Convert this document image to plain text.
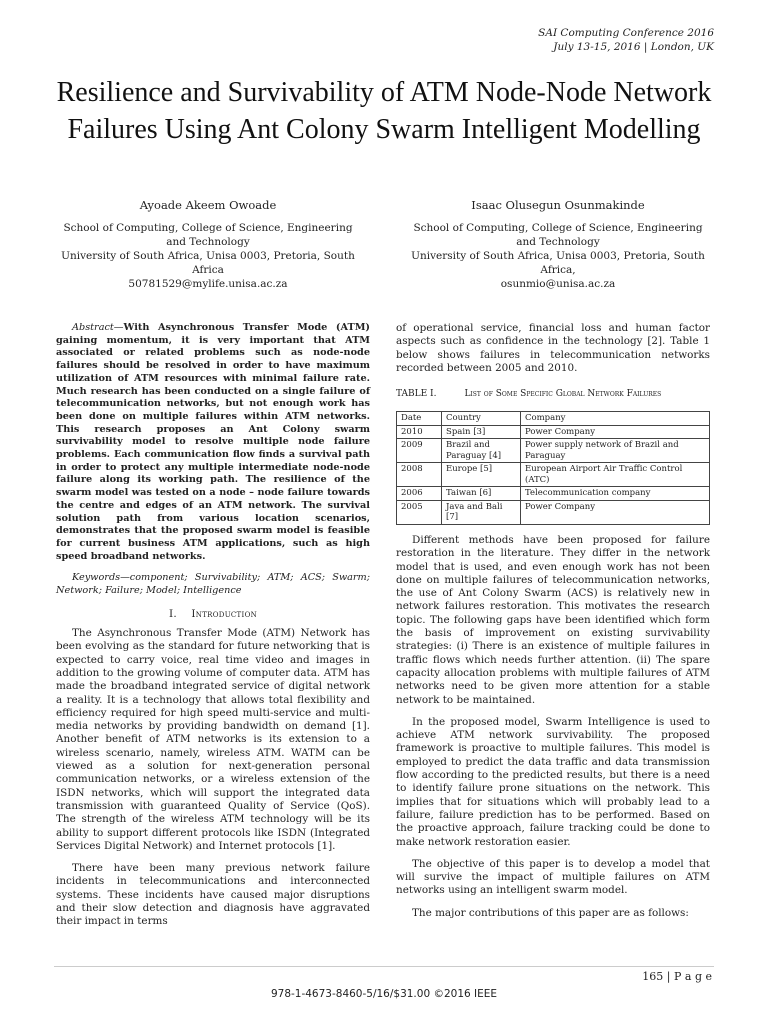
SAI Computing Conference 2016
July 13-15, 2016 | London, UK
Resilience and Survivability of ATM Node-Node Network Failures Using Ant Colony Swarm Intelligent Modelling
Ayoade Akeem Owoade
School of Computing, College of Science, Engineering and Technology
University of South Africa, Unisa 0003, Pretoria, South Africa
50781529@mylife.unisa.ac.za
Isaac Olusegun Osunmakinde
School of Computing, College of Science, Engineering and Technology
University of South Africa, Unisa 0003, Pretoria, South Africa,
osunmio@unisa.ac.za

Abstract—With Asynchronous Transfer Mode (ATM) gaining momentum, it is very important that ATM associated or related problems such as node-node failures should be resolved in order to have maximum utilization of ATM resources with minimal failure rate. Much research has been conducted on a single failure of telecommunication networks, but not enough work has been done on multiple failures within ATM networks. This research proposes an Ant Colony swarm survivability model to resolve multiple node failure problems. Each communication flow finds a survival path in order to protect any multiple intermediate node-node failure along its working path. The resilience of the swarm model was tested on a node – node failure towards the centre and edges of an ATM network. The survival solution path from various location scenarios, demonstrates that the proposed swarm model is feasible for current business ATM applications, such as high speed broadband networks.

Keywords—component; Survivability; ATM; ACS; Swarm; Network; Failure; Model; Intelligence

I. Introduction

The Asynchronous Transfer Mode (ATM) Network has been evolving as the standard for future networking that is expected to carry voice, real time video and images in addition to the growing volume of computer data. ATM has made the broadband integrated service of digital network a reality. It is a technology that allows total flexibility and efficiency required for high speed multi-service and multi-media networks by providing bandwidth on demand [1]. Another benefit of ATM networks is its extension to a wireless scenario, namely, wireless ATM. WATM can be viewed as a solution for next-generation personal communication networks, or a wireless extension of the ISDN networks, which will support the integrated data transmission with guaranteed Quality of Service (QoS). The strength of the wireless ATM technology will be its ability to support different protocols like ISDN (Integrated Services Digital Network) and Internet protocols [1].

There have been many previous network failure incidents in telecommunications and interconnected systems. These incidents have caused major disruptions and their slow detection and diagnosis have aggravated their impact in terms

of operational service, financial loss and human factor aspects such as confidence in the technology [2]. Table 1 below shows failures in telecommunication networks recorded between 2005 and 2010.

TABLE I.	List of Some Specific Global Network Failures
Date	Country	Company
2010	Spain [3]	Power Company
2009	Brazil and Paraguay [4]	Power supply network of Brazil and Paraguay
2008	Europe [5]	European Airport Air Traffic Control (ATC)
2006	Taiwan [6]	Telecommunication company
2005	Java and Bali [7]	Power Company

Different methods have been proposed for failure restoration in the literature. They differ in the network model that is used, and even enough work has not been done on multiple failures of telecommunication networks, the use of Ant Colony Swarm (ACS) is relatively new in network failures restoration. This motivates the research topic. The following gaps have been identified which form the basis of improvement on existing survivability strategies: (i) There is an existence of multiple failures in traffic flows which needs further attention. (ii) The spare capacity allocation problems with multiple failures of ATM networks need to be given more attention for a stable network to be maintained.

In the proposed model, Swarm Intelligence is used to achieve ATM network survivability. The proposed framework is proactive to multiple failures. This model is employed to predict the data traffic and data transmission flow according to the predicted results, but there is a need to identify failure prone situations on the network. This implies that for situations which will probably lead to a failure, failure prediction has to be performed. Based on the proactive approach, failure tracking could be done to make network restoration easier.

The objective of this paper is to develop a model that will survive the impact of multiple failures on ATM networks using an intelligent swarm model.

The major contributions of this paper are as follows:

165 | P a g e
978-1-4673-8460-5/16/$31.00 ©2016 IEEE
